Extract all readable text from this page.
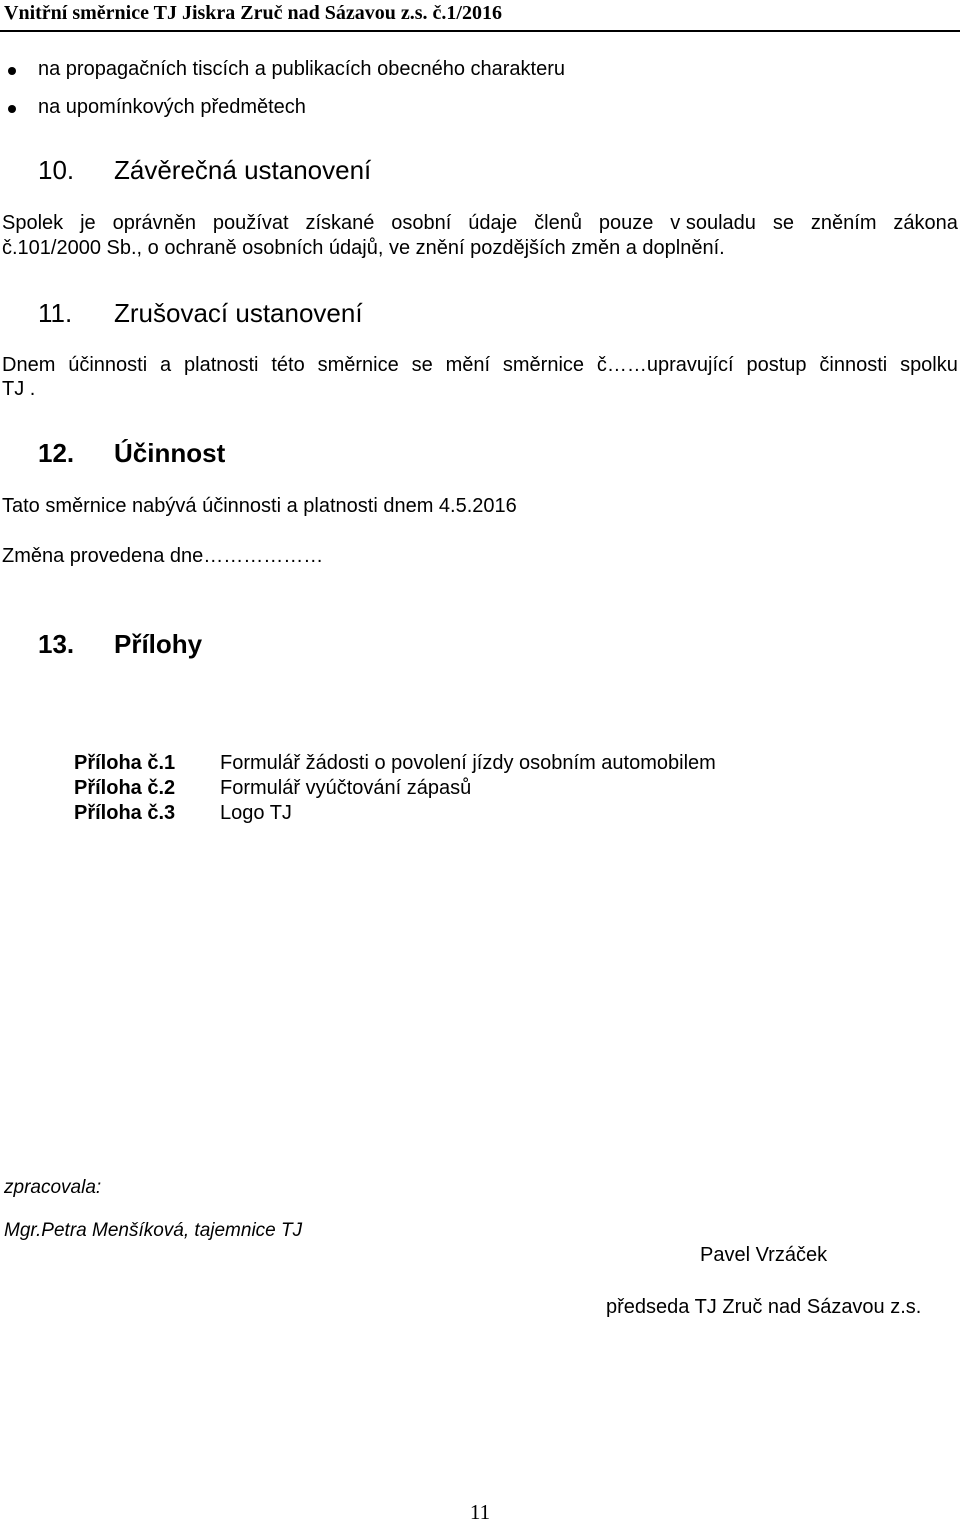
Vnitřní směrnice TJ Jiskra Zruč nad Sázavou z.s. č.1/2016
na propagačních tiscích a publikacích obecného charakteru
na upomínkových předmětech
10. Závěrečná ustanovení
Spolek je oprávněn používat získané osobní údaje členů pouze v souladu se zněním zákona
č.101/2000 Sb., o ochraně osobních údajů, ve znění pozdějších změn a doplnění.
11. Zrušovací ustanovení
Dnem účinnosti a platnosti této směrnice se mění směrnice č……upravující postup činnosti spolku
TJ .
12. Účinnost
Tato směrnice nabývá účinnosti a platnosti dnem 4.5.2016
Změna provedena dne………………
13. Přílohy
Příloha č.1 Formulář žádosti o povolení jízdy osobním automobilem
Příloha č.2 Formulář vyúčtování zápasů
Příloha č.3 Logo TJ
zpracovala:
Mgr.Petra Menšíková, tajemnice TJ
Pavel Vrzáček
předseda TJ Zruč nad Sázavou z.s.
11
